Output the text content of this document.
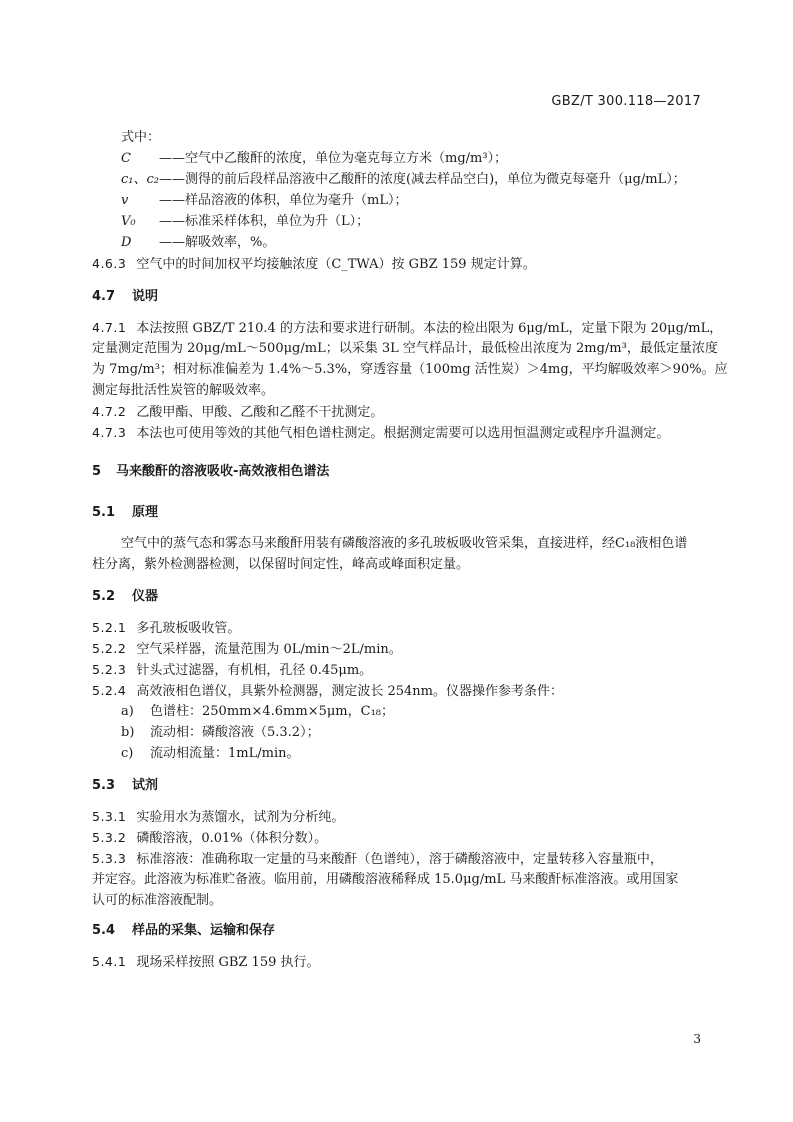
GBZ/T 300.118—2017
式中：
C ——空气中乙酸酐的浓度，单位为毫克每立方米（mg/m³）；
c₁、c₂——测得的前后段样品溶液中乙酸酐的浓度(减去样品空白)，单位为微克每毫升（μg/mL）；
v ——样品溶液的体积，单位为毫升（mL）；
V₀ ——标准采样体积，单位为升（L）；
D ——解吸效率，%。
4.6.3 空气中的时间加权平均接触浓度（C_TWA）按 GBZ 159 规定计算。
4.7 说明
4.7.1 本法按照 GBZ/T 210.4 的方法和要求进行研制。本法的检出限为 6μg/mL，定量下限为 20μg/mL，
定量测定范围为 20μg/mL～500μg/mL；以采集 3L 空气样品计，最低检出浓度为 2mg/m³，最低定量浓度
为 7mg/m³；相对标准偏差为 1.4%～5.3%，穿透容量（100mg 活性炭）＞4mg，平均解吸效率＞90%。应
测定每批活性炭管的解吸效率。
4.7.2 乙酸甲酯、甲酸、乙酸和乙醛不干扰测定。
4.7.3 本法也可使用等效的其他气相色谱柱测定。根据测定需要可以选用恒温测定或程序升温测定。
5 马来酸酐的溶液吸收-高效液相色谱法
5.1 原理
空气中的蒸气态和雾态马来酸酐用装有磷酸溶液的多孔玻板吸收管采集，直接进样，经C₁₈液相色谱
柱分离，紫外检测器检测，以保留时间定性，峰高或峰面积定量。
5.2 仪器
5.2.1 多孔玻板吸收管。
5.2.2 空气采样器，流量范围为 0L/min～2L/min。
5.2.3 针头式过滤器，有机相，孔径 0.45μm。
5.2.4 高效液相色谱仪，具紫外检测器，测定波长 254nm。仪器操作参考条件：
a) 色谱柱：250mm×4.6mm×5μm，C₁₈；
b) 流动相：磷酸溶液（5.3.2）；
c) 流动相流量：1mL/min。
5.3 试剂
5.3.1 实验用水为蒸馏水，试剂为分析纯。
5.3.2 磷酸溶液，0.01%（体积分数）。
5.3.3 标准溶液：准确称取一定量的马来酸酐（色谱纯），溶于磷酸溶液中，定量转移入容量瓶中，
并定容。此溶液为标准贮备液。临用前，用磷酸溶液稀释成 15.0μg/mL 马来酸酐标准溶液。或用国家
认可的标准溶液配制。
5.4 样品的采集、运输和保存
5.4.1 现场采样按照 GBZ 159 执行。
3
